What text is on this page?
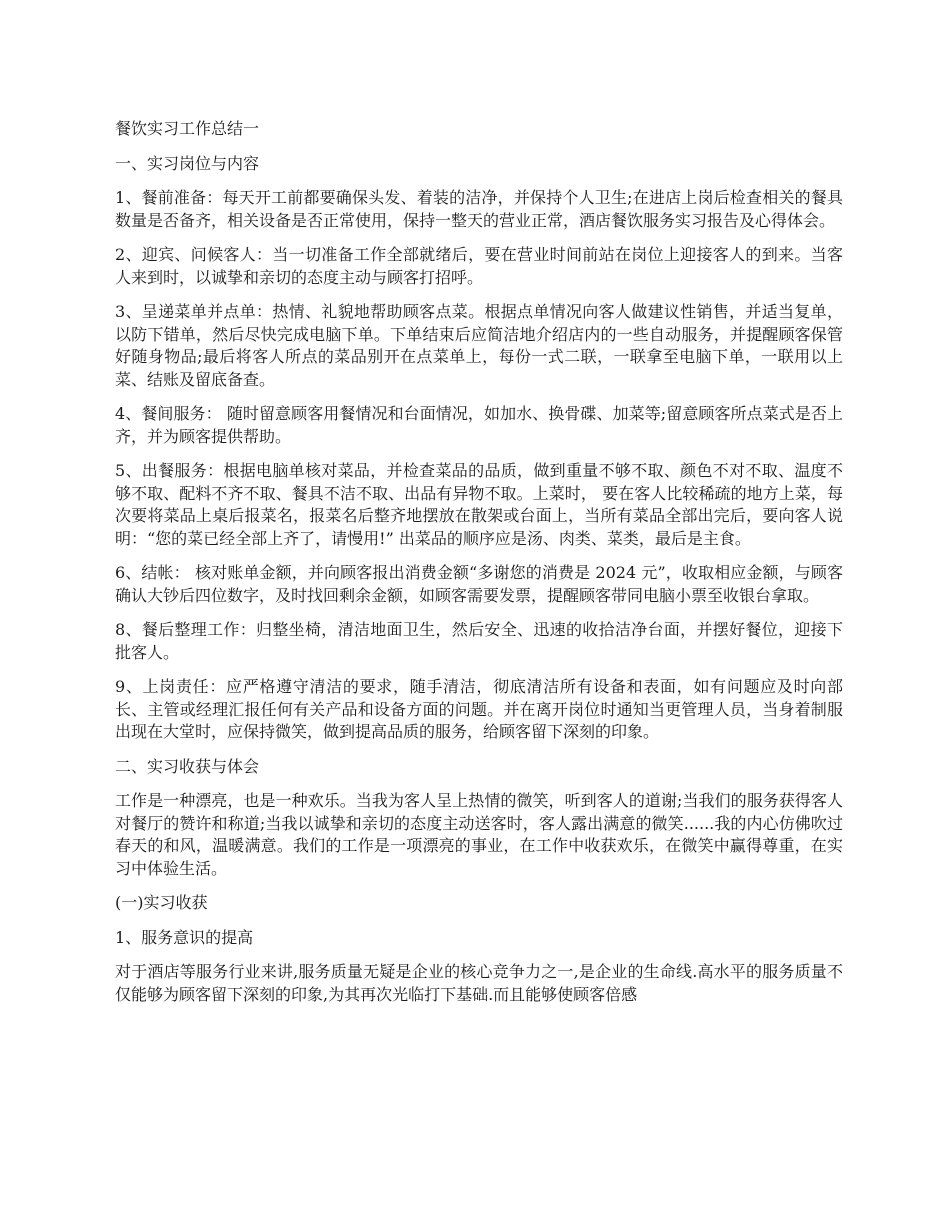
餐饮实习工作总结一

一、实习岗位与内容

1、餐前准备：每天开工前都要确保头发、着装的洁净，并保持个人卫生;在进店上岗后检查相关的餐具数量是否备齐，相关设备是否正常使用，保持一整天的营业正常，酒店餐饮服务实习报告及心得体会。

2、迎宾、问候客人：当一切准备工作全部就绪后，要在营业时间前站在岗位上迎接客人的到来。当客人来到时，以诚挚和亲切的态度主动与顾客打招呼。

3、呈递菜单并点单：热情、礼貌地帮助顾客点菜。根据点单情况向客人做建议性销售，并适当复单，以防下错单，然后尽快完成电脑下单。下单结束后应简洁地介绍店内的一些自动服务，并提醒顾客保管好随身物品;最后将客人所点的菜品别开在点菜单上，每份一式二联，一联拿至电脑下单，一联用以上菜、结账及留底备查。

4、餐间服务： 随时留意顾客用餐情况和台面情况，如加水、换骨碟、加菜等;留意顾客所点菜式是否上齐，并为顾客提供帮助。

5、出餐服务：根据电脑单核对菜品，并检查菜品的品质，做到重量不够不取、颜色不对不取、温度不够不取、配料不齐不取、餐具不洁不取、出品有异物不取。上菜时， 要在客人比较稀疏的地方上菜，每次要将菜品上桌后报菜名，报菜名后整齐地摆放在散架或台面上，当所有菜品全部出完后，要向客人说明：“您的菜已经全部上齐了，请慢用!” 出菜品的顺序应是汤、肉类、菜类，最后是主食。

6、结帐： 核对账单金额，并向顾客报出消费金额“多谢您的消费是 2024 元”，收取相应金额，与顾客确认大钞后四位数字，及时找回剩余金额，如顾客需要发票，提醒顾客带同电脑小票至收银台拿取。

8、餐后整理工作：归整坐椅，清洁地面卫生，然后安全、迅速的收拾洁净台面，并摆好餐位，迎接下批客人。

9、上岗责任：应严格遵守清洁的要求，随手清洁，彻底清洁所有设备和表面，如有问题应及时向部长、主管或经理汇报任何有关产品和设备方面的问题。并在离开岗位时通知当更管理人员，当身着制服出现在大堂时，应保持微笑，做到提高品质的服务，给顾客留下深刻的印象。

二、实习收获与体会

工作是一种漂亮，也是一种欢乐。当我为客人呈上热情的微笑，听到客人的道谢;当我们的服务获得客人对餐厅的赞许和称道;当我以诚挚和亲切的态度主动送客时，客人露出满意的微笑......我的内心仿佛吹过春天的和风，温暖满意。我们的工作是一项漂亮的事业，在工作中收获欢乐，在微笑中赢得尊重，在实习中体验生活。

(一)实习收获

1、服务意识的提高

对于酒店等服务行业来讲,服务质量无疑是企业的核心竞争力之一,是企业的生命线.高水平的服务质量不仅能够为顾客留下深刻的印象,为其再次光临打下基础.而且能够使顾客倍感
